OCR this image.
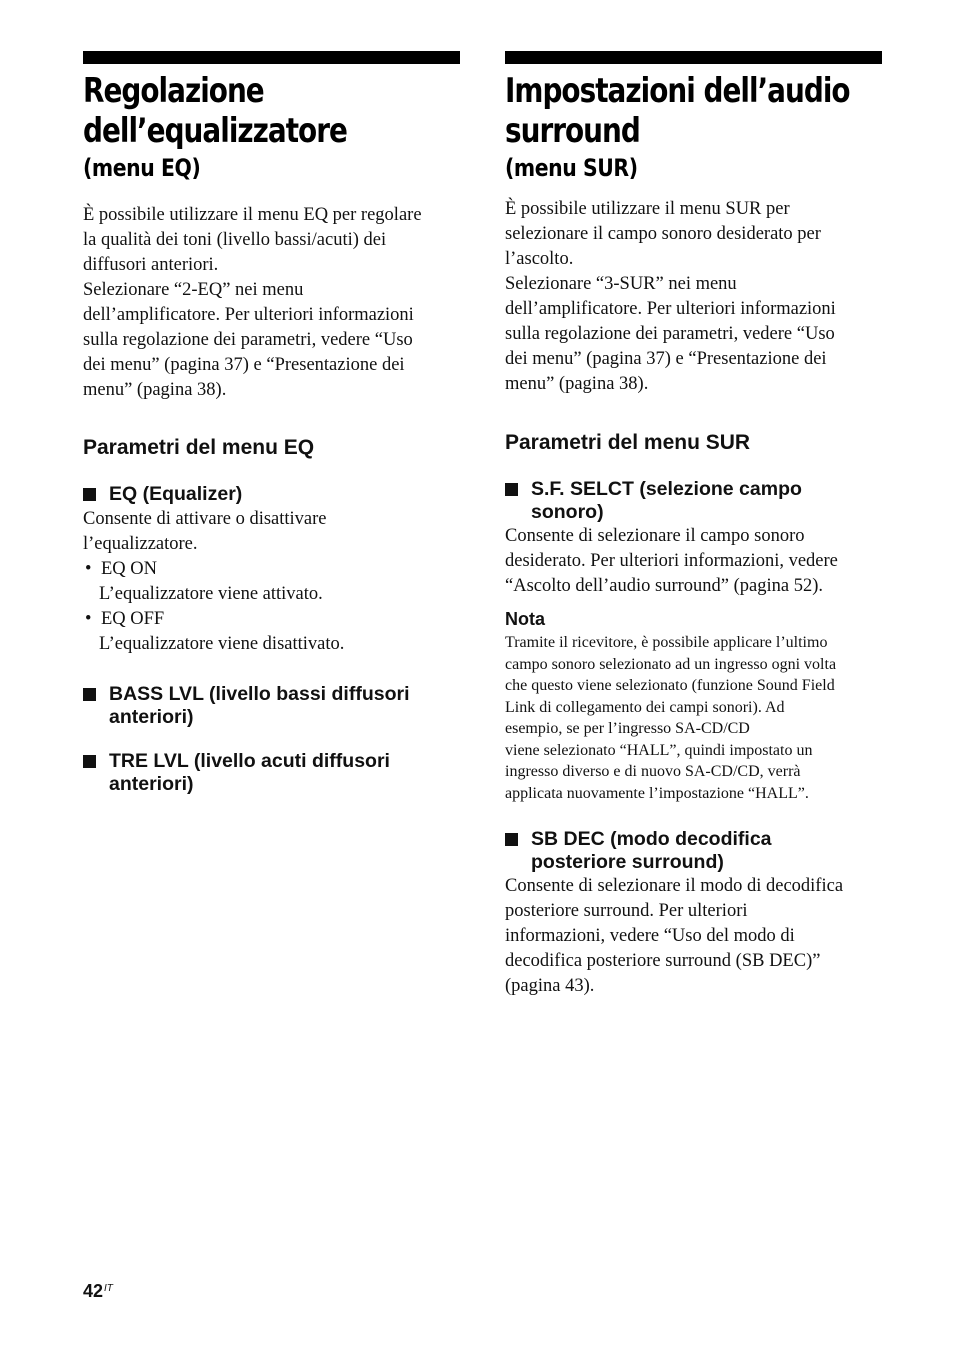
Regolazione
dell’equalizzatore
(menu EQ)

È possibile utilizzare il menu EQ per regolare

la qualità dei toni (livello bassi/acuti) dei

diffusori anteriori.

Selezionare “2-EQ” nei menu

dell’amplificatore. Per ulteriori informazioni

sulla regolazione dei parametri, vedere “Uso

dei menu” (pagina 37) e “Presentazione dei

menu” (pagina 38).

Parametri del menu EQ
EQ (Equalizer)

Consente di attivare o disattivare

l’equalizzatore.

• EQ ON

L’equalizzatore viene attivato.

• EQ OFF

L’equalizzatore viene disattivato.

BASS LVL (livello bassi diffusori
anteriori)
TRE LVL (livello acuti diffusori
anteriori)
Impostazioni dell’audio
surround
(menu SUR)

È possibile utilizzare il menu SUR per

selezionare il campo sonoro desiderato per

l’ascolto.

Selezionare “3-SUR” nei menu

dell’amplificatore. Per ulteriori informazioni

sulla regolazione dei parametri, vedere “Uso

dei menu” (pagina 37) e “Presentazione dei

menu” (pagina 38).

Parametri del menu SUR
S.F. SELCT (selezione campo
sonoro)

Consente di selezionare il campo sonoro

desiderato. Per ulteriori informazioni, vedere

“Ascolto dell’audio surround” (pagina 52).

Nota
Tramite il ricevitore, è possibile applicare l’ultimo
campo sonoro selezionato ad un ingresso ogni volta
che questo viene selezionato (funzione Sound Field
Link di collegamento dei campi sonori). Ad
esempio, se per l’ingresso SA-CD/CD
viene selezionato “HALL”, quindi impostato un
ingresso diverso e di nuovo SA-CD/CD, verrà
applicata nuovamente l’impostazione “HALL”.
SB DEC (modo decodifica
posteriore surround)

Consente di selezionare il modo di decodifica

posteriore surround. Per ulteriori

informazioni, vedere “Uso del modo di

decodifica posteriore surround (SB DEC)”

(pagina 43).

$42^{IT}$
